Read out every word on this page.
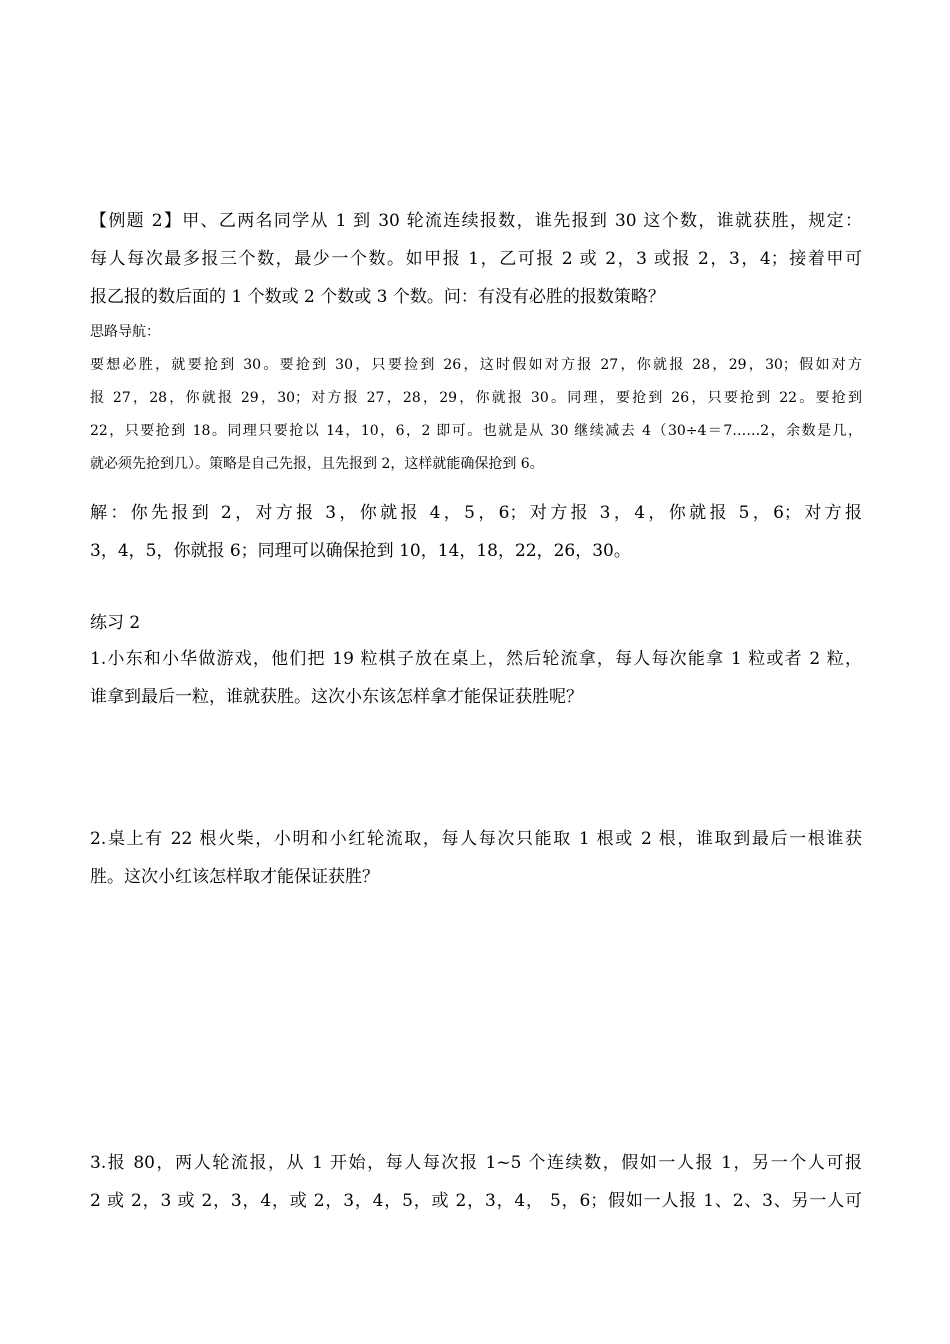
【例题 2】甲、乙两名同学从 1 到 30 轮流连续报数，谁先报到 30 这个数，谁就获胜，规定：

每人每次最多报三个数，最少一个数。如甲报 1，乙可报 2 或 2，3 或报 2，3，4；接着甲可

报乙报的数后面的 1 个数或 2 个数或 3 个数。问：有没有必胜的报数策略？

思路导航：

要想必胜，就要抢到 30。要抢到 30，只要捡到 26，这时假如对方报 27，你就报 28，29，30；假如对方

报 27，28，你就报 29，30；对方报 27，28，29，你就报 30。同理，要抢到 26，只要抢到 22。要抢到

22，只要抢到 18。同理只要抢以 14，10，6，2 即可。也就是从 30 继续减去 4（30÷4＝7……2，余数是几，

就必须先抢到几）。策略是自己先报，且先报到 2，这样就能确保抢到 6。

解：你先报到 2，对方报 3，你就报 4，5，6；对方报 3，4，你就报 5，6；对方报

3，4，5，你就报 6；同理可以确保抢到 10，14，18，22，26，30。

练习 2

1.小东和小华做游戏，他们把 19 粒棋子放在桌上，然后轮流拿，每人每次能拿 1 粒或者 2 粒，

谁拿到最后一粒，谁就获胜。这次小东该怎样拿才能保证获胜呢？

2.桌上有 22 根火柴，小明和小红轮流取，每人每次只能取 1 根或 2 根，谁取到最后一根谁获

胜。这次小红该怎样取才能保证获胜？

3.报 80，两人轮流报，从 1 开始，每人每次报 1~5 个连续数，假如一人报 1，另一个人可报

2 或 2，3 或 2，3，4，或 2，3，4，5，或 2，3，4， 5，6；假如一人报 1、2、3、另一人可
